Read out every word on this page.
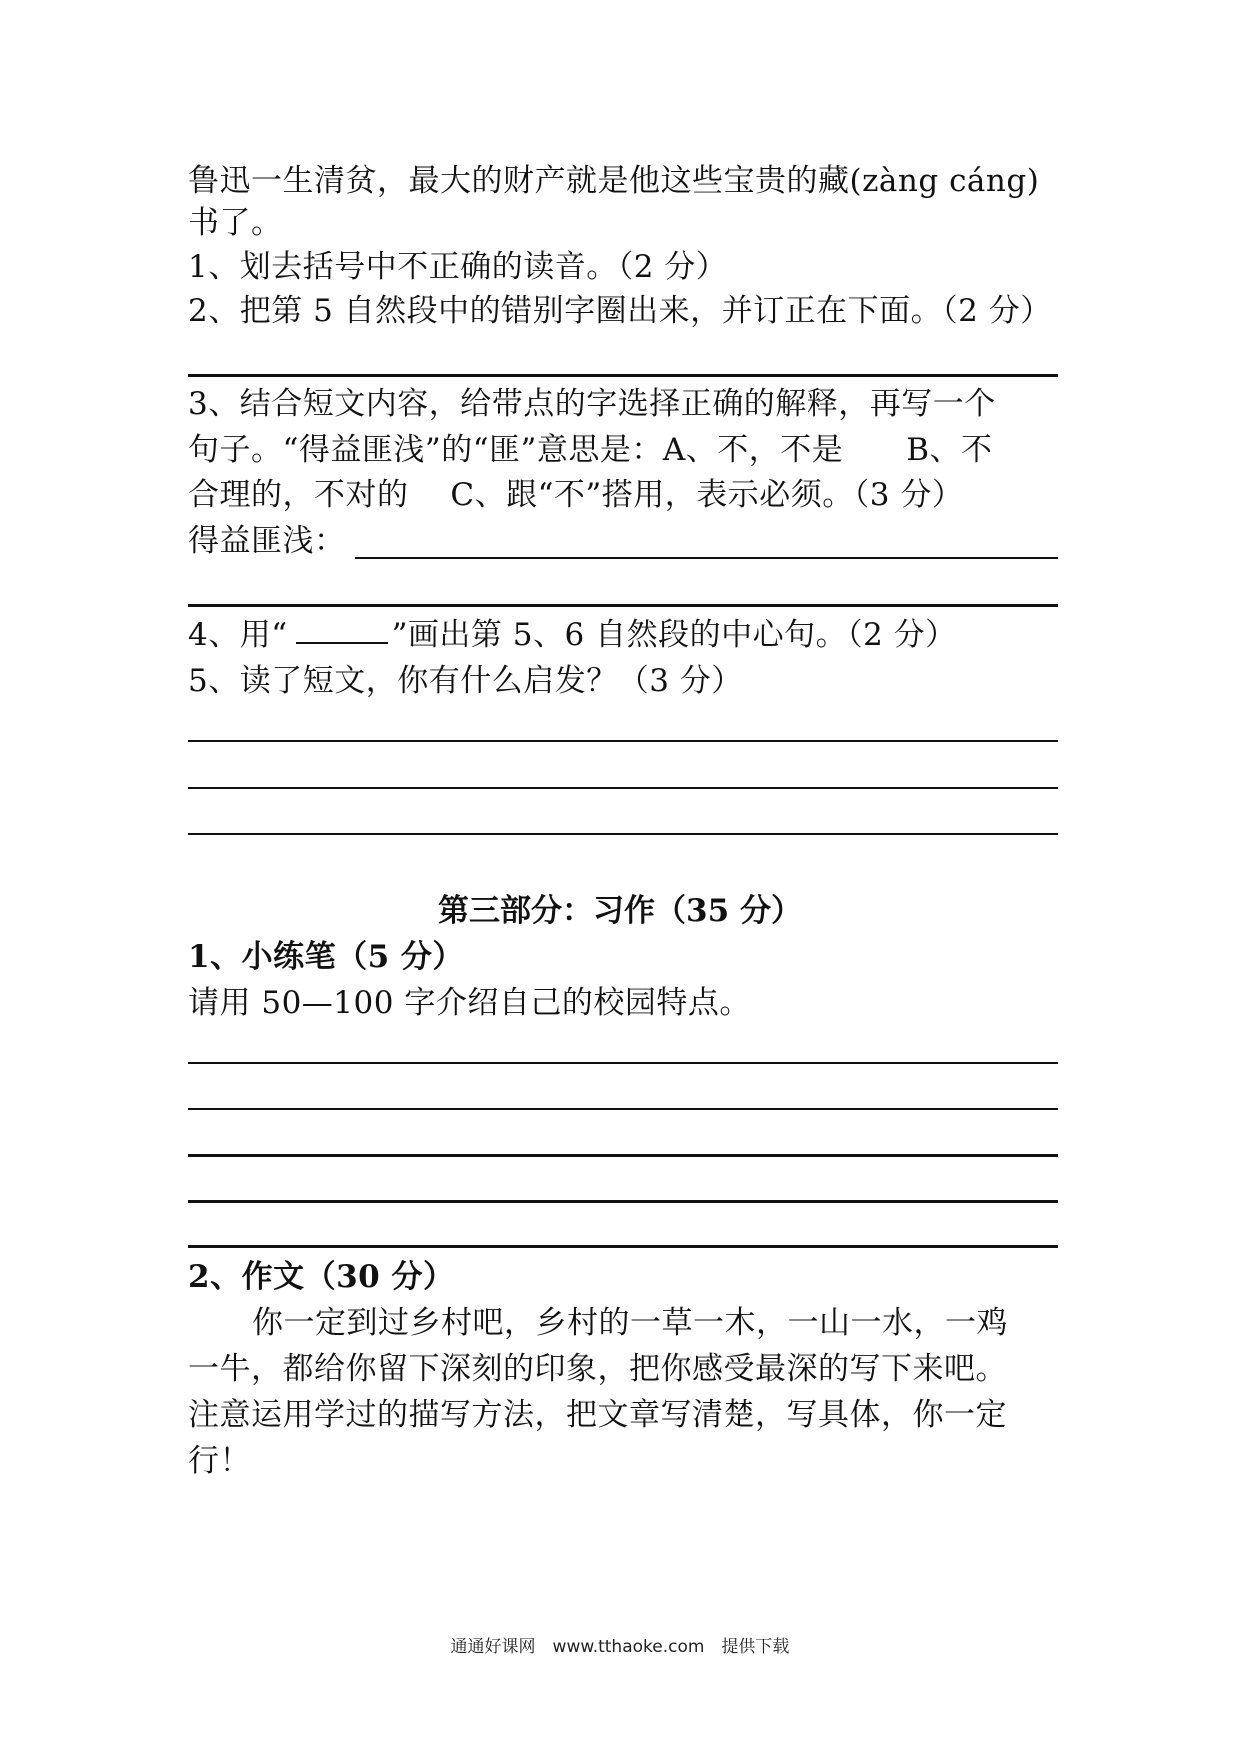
鲁迅一生清贫，最大的财产就是他这些宝贵的藏(zàng cáng)
书了。
1、划去括号中不正确的读音。（2 分）
2、把第 5 自然段中的错别字圈出来，并订正在下面。（2 分）
3、结合短文内容，给带点的字选择正确的解释，再写一个
句子。“得益匪浅”的“匪”意思是：A、不，不是　　B、不
合理的，不对的　 C、跟“不”搭用，表示必须。（3 分）
得益匪浅：
4、用“	”画出第 5、6 自然段的中心句。（2 分）
5、读了短文，你有什么启发？（3 分）
第三部分：习作（35 分）
1、小练笔（5 分）
请用 50—100 字介绍自己的校园特点。
2、作文（30 分）
你一定到过乡村吧，乡村的一草一木，一山一水，一鸡
一牛，都给你留下深刻的印象，把你感受最深的写下来吧。
注意运用学过的描写方法，把文章写清楚，写具体，你一定
行！
通通好课网　www.tthaoke.com　提供下载
